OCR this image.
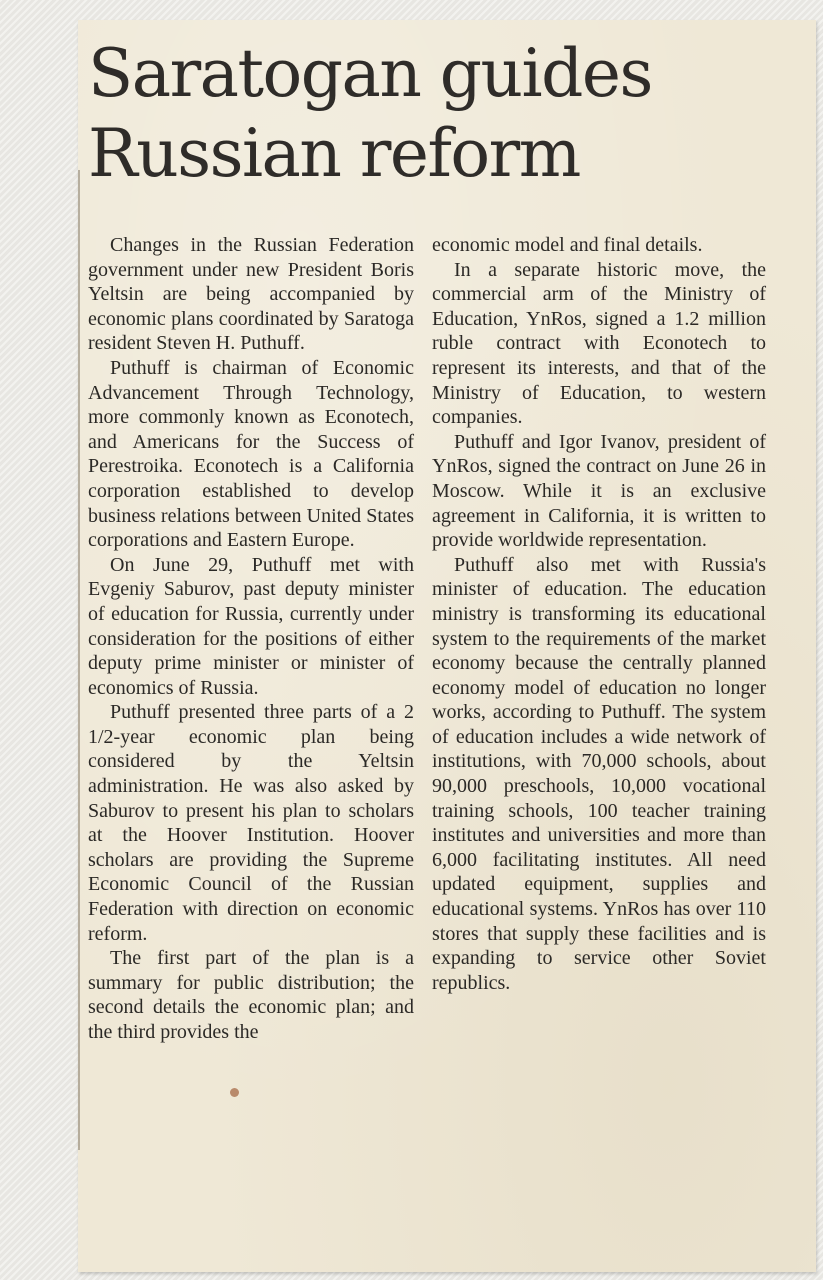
Saratogan guides
Russian reform

Changes in the Russian Federation government under new President Boris Yeltsin are being accompanied by economic plans coordinated by Saratoga resident Steven H. Puthuff.

Puthuff is chairman of Economic Advancement Through Technology, more commonly known as Econotech, and Americans for the Success of Perestroika. Econotech is a California corporation established to develop business relations between United States corporations and Eastern Europe.

On June 29, Puthuff met with Evgeniy Saburov, past deputy minister of education for Russia, currently under consideration for the positions of either deputy prime minister or minister of economics of Russia.

Puthuff presented three parts of a 2 1/2-year economic plan being considered by the Yeltsin administration. He was also asked by Saburov to present his plan to scholars at the Hoover Institution. Hoover scholars are providing the Supreme Economic Council of the Russian Federation with direction on economic reform.

The first part of the plan is a summary for public distribution; the second details the economic plan; and the third provides the

economic model and final details.

In a separate historic move, the commercial arm of the Ministry of Education, YnRos, signed a 1.2 million ruble contract with Econotech to represent its interests, and that of the Ministry of Education, to western companies.

Puthuff and Igor Ivanov, president of YnRos, signed the contract on June 26 in Moscow. While it is an exclusive agreement in California, it is written to provide worldwide representation.

Puthuff also met with Russia's minister of education. The education ministry is transforming its educational system to the requirements of the market economy because the centrally planned economy model of education no longer works, according to Puthuff. The system of education includes a wide network of institutions, with 70,000 schools, about 90,000 preschools, 10,000 vocational training schools, 100 teacher training institutes and universities and more than 6,000 facilitating institutes. All need updated equipment, supplies and educational systems. YnRos has over 110 stores that supply these facilities and is expanding to service other Soviet republics.
